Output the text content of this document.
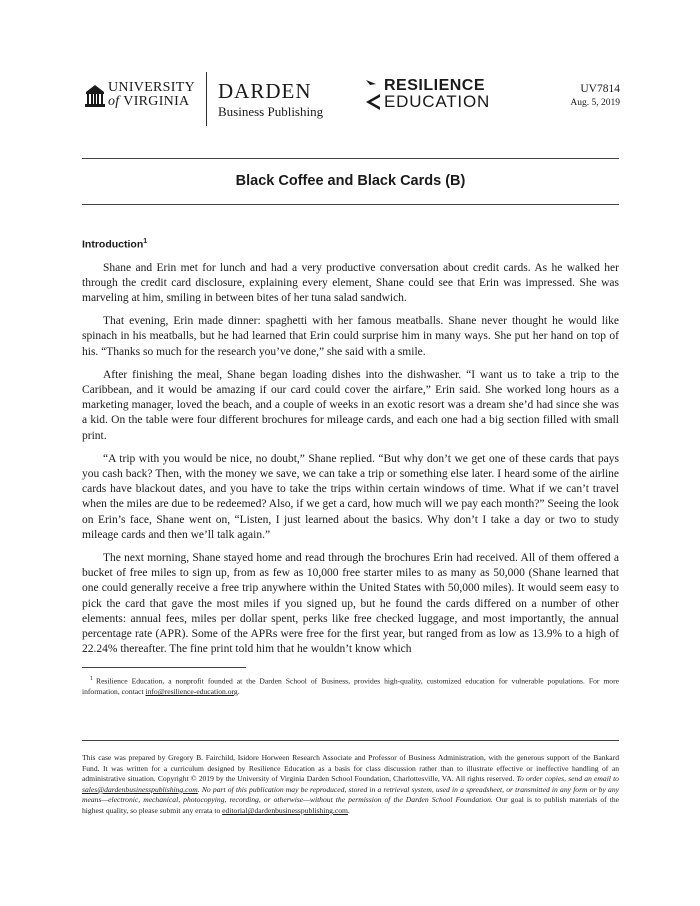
UNIVERSITY
of VIRGINIA DARDEN
Business Publishing
RESILIENCE
EDUCATION
UV7814
Aug. 5, 2019
Black Coffee and Black Cards (B)
Introduction$^1$

Shane and Erin met for lunch and had a very productive conversation about credit cards. As he walked her through the credit card disclosure, explaining every element, Shane could see that Erin was impressed. She was marveling at him, smiling in between bites of her tuna salad sandwich.

That evening, Erin made dinner: spaghetti with her famous meatballs. Shane never thought he would like spinach in his meatballs, but he had learned that Erin could surprise him in many ways. She put her hand on top of his. “Thanks so much for the research you’ve done,” she said with a smile.

After finishing the meal, Shane began loading dishes into the dishwasher. “I want us to take a trip to the Caribbean, and it would be amazing if our card could cover the airfare,” Erin said. She worked long hours as a marketing manager, loved the beach, and a couple of weeks in an exotic resort was a dream she’d had since she was a kid. On the table were four different brochures for mileage cards, and each one had a big section filled with small print.

“A trip with you would be nice, no doubt,” Shane replied. “But why don’t we get one of these cards that pays you cash back? Then, with the money we save, we can take a trip or something else later. I heard some of the airline cards have blackout dates, and you have to take the trips within certain windows of time. What if we can’t travel when the miles are due to be redeemed? Also, if we get a card, how much will we pay each month?” Seeing the look on Erin’s face, Shane went on, “Listen, I just learned about the basics. Why don’t I take a day or two to study mileage cards and then we’ll talk again.”

The next morning, Shane stayed home and read through the brochures Erin had received. All of them offered a bucket of free miles to sign up, from as few as 10,000 free starter miles to as many as 50,000 (Shane learned that one could generally receive a free trip anywhere within the United States with 50,000 miles). It would seem easy to pick the card that gave the most miles if you signed up, but he found the cards differed on a number of other elements: annual fees, miles per dollar spent, perks like free checked luggage, and most importantly, the annual percentage rate (APR). Some of the APRs were free for the first year, but ranged from as low as 13.9% to a high of 22.24% thereafter. The fine print told him that he wouldn’t know which

$^1$ Resilience Education, a nonprofit founded at the Darden School of Business, provides high-quality, customized education for vulnerable populations. For more information, contact info@resilience-education.org.
This case was prepared by Gregory B. Fairchild, Isidore Horween Research Associate and Professor of Business Administration, with the generous support of the Bankard Fund. It was written for a curriculum designed by Resilience Education as a basis for class discussion rather than to illustrate effective or ineffective handling of an administrative situation. Copyright © 2019 by the University of Virginia Darden School Foundation, Charlottesville, VA. All rights reserved. To order copies, send an email to sales@dardenbusinesspublishing.com. No part of this publication may be reproduced, stored in a retrieval system, used in a spreadsheet, or transmitted in any form or by any means—electronic, mechanical, photocopying, recording, or otherwise—without the permission of the Darden School Foundation. Our goal is to publish materials of the highest quality, so please submit any errata to editorial@dardenbusinesspublishing.com.
